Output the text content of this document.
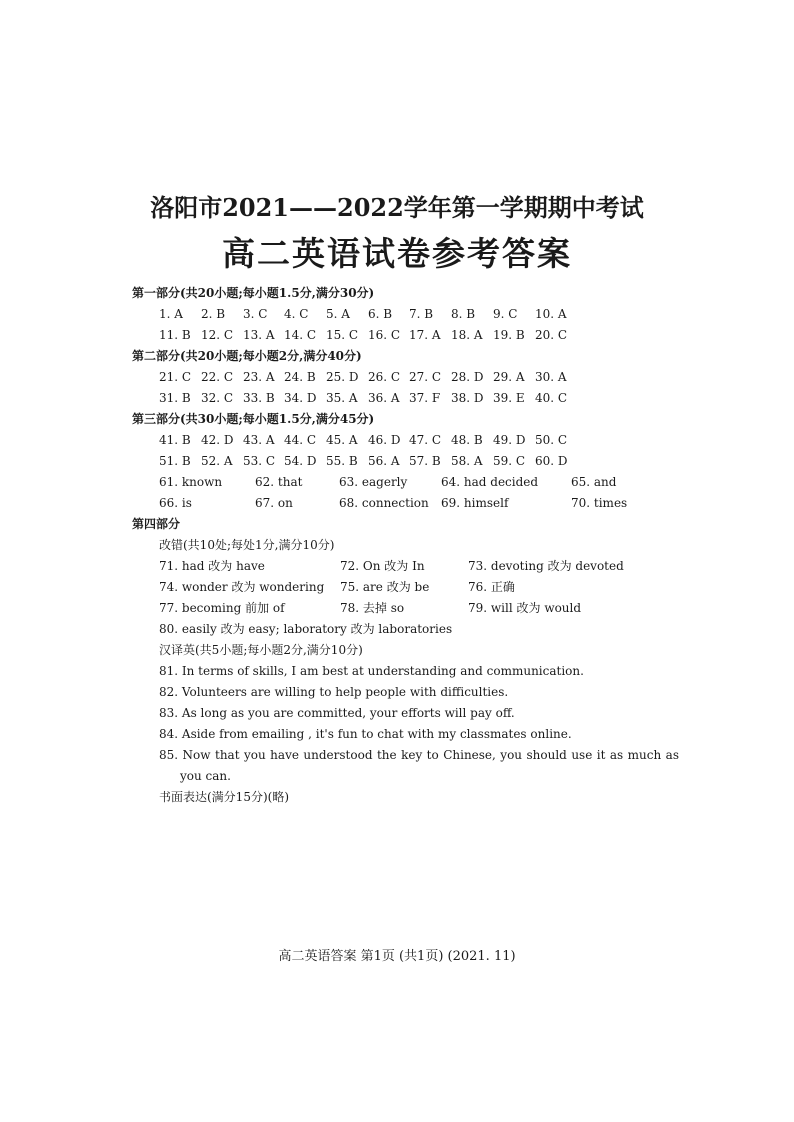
洛阳市2021——2022学年第一学期期中考试
高二英语试卷参考答案
第一部分(共20小题;每小题1.5分,满分30分)
1. A 2. B 3. C 4. C 5. A 6. B 7. B 8. B 9. C 10. A
11. B 12. C 13. A 14. C 15. C 16. C 17. A 18. A 19. B 20. C
第二部分(共20小题;每小题2分,满分40分)
21. C 22. C 23. A 24. B 25. D 26. C 27. C 28. D 29. A 30. A
31. B 32. C 33. B 34. D 35. A 36. A 37. F 38. D 39. E 40. C
第三部分(共30小题;每小题1.5分,满分45分)
41. B 42. D 43. A 44. C 45. A 46. D 47. C 48. B 49. D 50. C
51. B 52. A 53. C 54. D 55. B 56. A 57. B 58. A 59. C 60. D
61. known	62. that	63. eagerly	64. had decided	65. and
66. is	67. on	68. connection 69. himself	70. times
第四部分
改错(共10处;每处1分,满分10分)
71. had 改为 have	72. On 改为 In	73. devoting 改为 devoted
74. wonder 改为 wondering 75. are 改为 be	76. 正确
77. becoming 前加 of	78. 去掉 so	79. will 改为 would
80. easily 改为 easy; laboratory 改为 laboratories
汉译英(共5小题;每小题2分,满分10分)
81. In terms of skills, I am best at understanding and communication.
82. Volunteers are willing to help people with difficulties.
83. As long as you are committed, your efforts will pay off.
84. Aside from emailing , it's fun to chat with my classmates online.
85. Now that you have understood the key to Chinese, you should use it as much as
you can.
书面表达(满分15分)(略)
高二英语答案 第1页 (共1页) (2021. 11)
